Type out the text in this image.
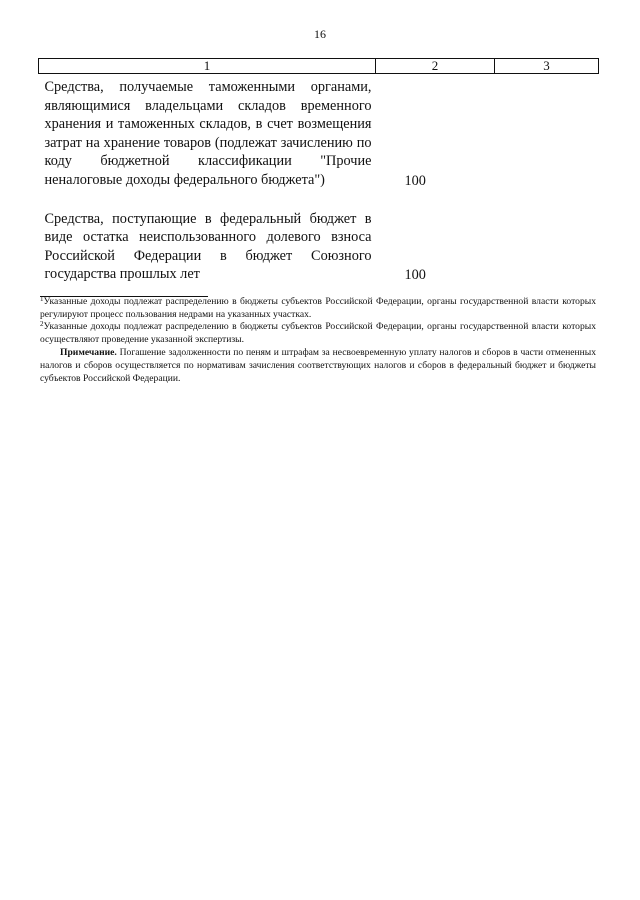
16
1	2	3

Средства, получаемые таможенными органами, являющимися владельцами складов временного хранения и таможенных складов, в счет возмещения затрат на хранение товаров (подлежат зачислению по коду бюджетной классификации "Прочие неналоговые доходы федерального бюджета")	100	

Средства, поступающие в федеральный бюджет в виде остатка неиспользованного долевого взноса Российской Федерации в бюджет Союзного государства прошлых лет	100	

$^1$Указанные доходы подлежат распределению в бюджеты субъектов Российской Федерации, органы государственной власти которых регулируют процесс пользования недрами на указанных участках.

$^2$Указанные доходы подлежат распределению в бюджеты субъектов Российской Федерации, органы государственной власти которых осуществляют проведение указанной экспертизы.

Примечание. Погашение задолженности по пеням и штрафам за несвоевременную уплату налогов и сборов в части отмененных налогов и сборов осуществляется по нормативам зачисления соответствующих налогов и сборов в федеральный бюджет и бюджеты субъектов Российской Федерации.
